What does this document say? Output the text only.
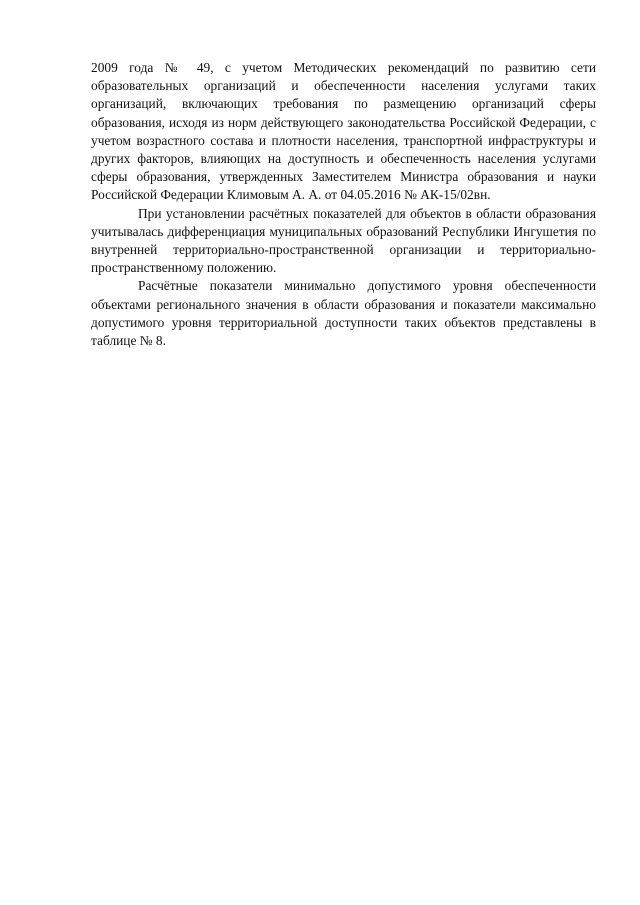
2009 года № 49, с учетом Методических рекомендаций по развитию сети образовательных организаций и обеспеченности населения услугами таких организаций, включающих требования по размещению организаций сферы образования, исходя из норм действующего законодательства Российской Федерации, с учетом возрастного состава и плотности населения, транспортной инфраструктуры и других факторов, влияющих на доступность и обеспеченность населения услугами сферы образования, утвержденных Заместителем Министра образования и науки Российской Федерации Климовым А. А. от 04.05.2016 № АК-15/02вн.

При установлении расчётных показателей для объектов в области образования учитывалась дифференциация муниципальных образований Республики Ингушетия по внутренней территориально-пространственной организации и территориально-пространственному положению.

Расчётные показатели минимально допустимого уровня обеспеченности объектами регионального значения в области образования и показатели максимально допустимого уровня территориальной доступности таких объектов представлены в таблице № 8.
